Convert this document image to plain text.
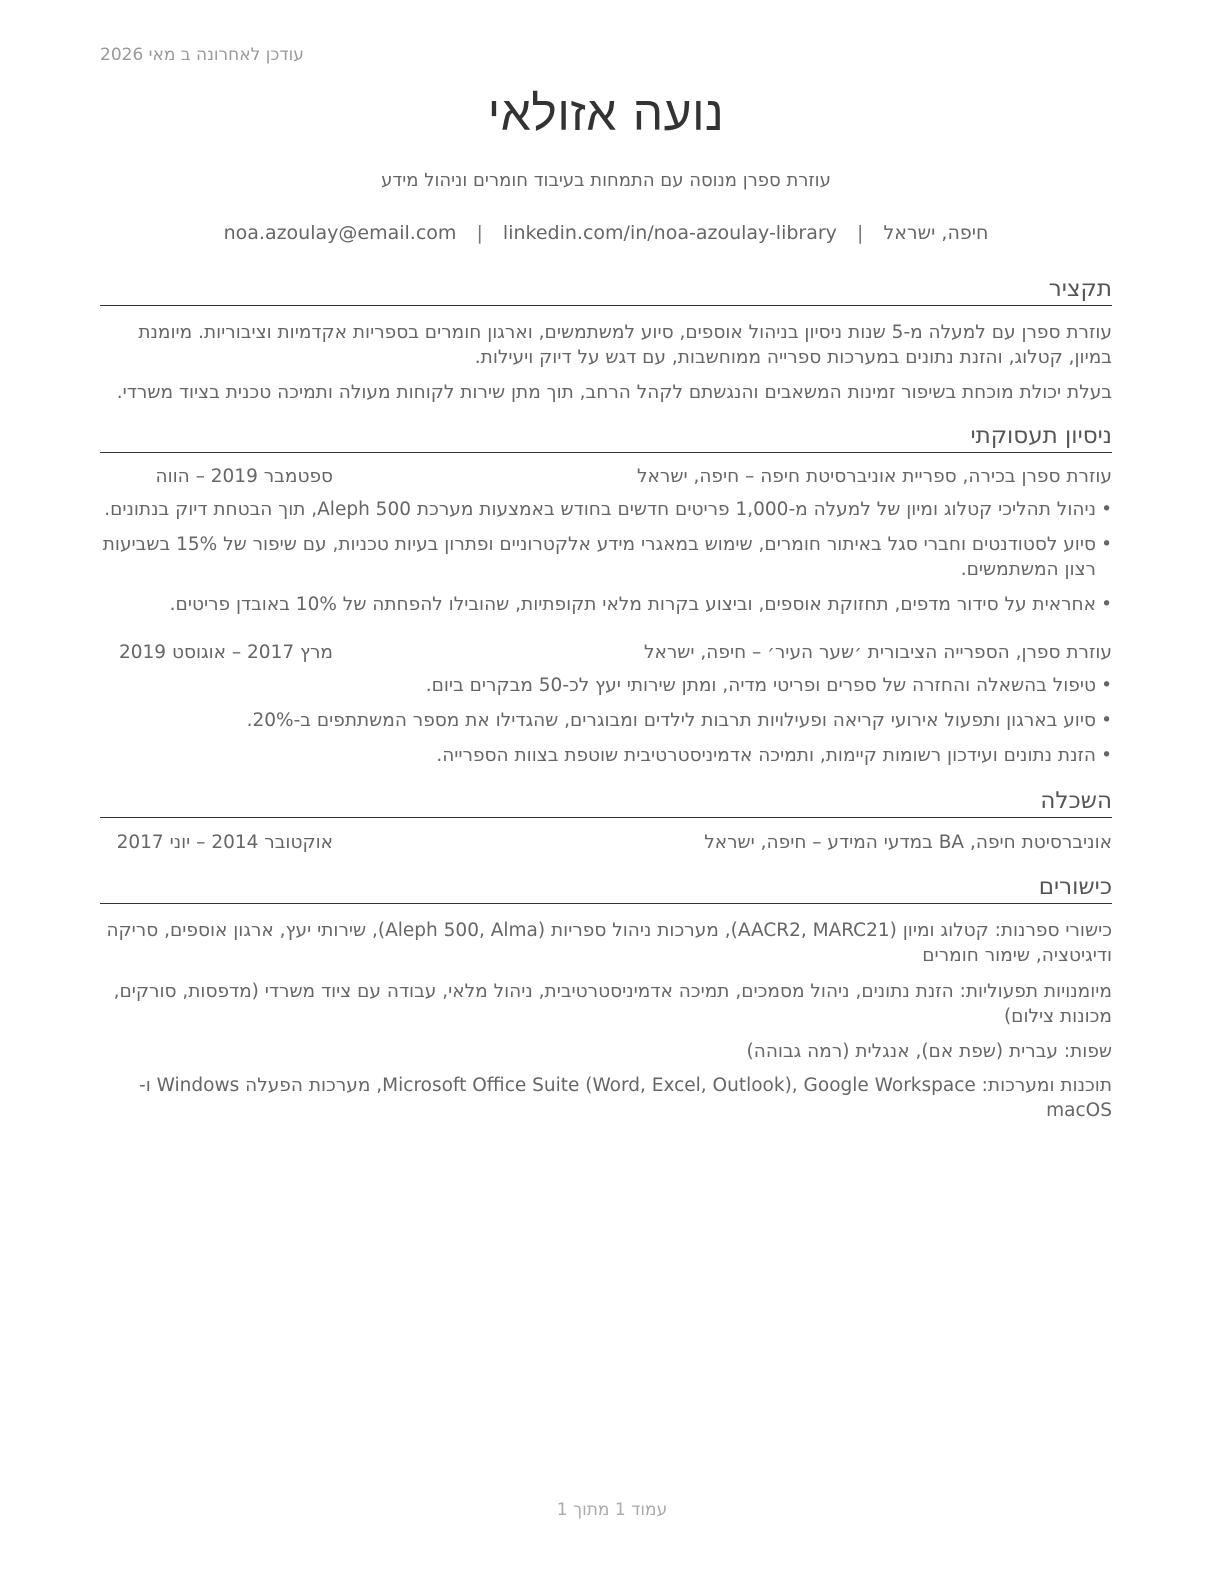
עודכן לאחרונה ב מאי 2026
נועה אזולאי
עוזרת ספרן מנוסה עם התמחות בעיבוד חומרים וניהול מידע
חיפה, ישראל | noa.azoulay@email.com | linkedin.com/in/noa-azoulay-library
תקציר
עוזרת ספרן עם למעלה מ-5 שנות ניסיון בניהול אוספים, סיוע למשתמשים, וארגון חומרים בספריות אקדמיות וציבוריות. מיומנת במיון, קטלוג, והזנת נתונים במערכות ספרייה ממוחשבות, עם דגש על דיוק ויעילות.
בעלת יכולת מוכחת בשיפור זמינות המשאבים והנגשתם לקהל הרחב, תוך מתן שירות לקוחות מעולה ותמיכה טכנית בציוד משרדי.
ניסיון תעסוקתי
עוזרת ספרן בכירה, ספריית אוניברסיטת חיפה – חיפה, ישראל
ספטמבר 2019 – הווה
•
ניהול תהליכי קטלוג ומיון של למעלה מ-1,000 פריטים חדשים בחודש באמצעות מערכת Aleph 500, תוך הבטחת דיוק בנתונים.
•
סיוע לסטודנטים וחברי סגל באיתור חומרים, שימוש במאגרי מידע אלקטרוניים ופתרון בעיות טכניות, עם שיפור של 15% בשביעות רצון המשתמשים.
•
אחראית על סידור מדפים, תחזוקת אוספים, וביצוע בקרות מלאי תקופתיות, שהובילו להפחתה של 10% באובדן פריטים.
עוזרת ספרן, הספרייה הציבורית ׳שער העיר׳ – חיפה, ישראל
מרץ 2017 – אוגוסט 2019
•
טיפול בהשאלה והחזרה של ספרים ופריטי מדיה, ומתן שירותי יעץ לכ-50 מבקרים ביום.
•
סיוע בארגון ותפעול אירועי קריאה ופעילויות תרבות לילדים ומבוגרים, שהגדילו את מספר המשתתפים ב-20%.
•
הזנת נתונים ועידכון רשומות קיימות, ותמיכה אדמיניסטרטיבית שוטפת בצוות הספרייה.
השכלה
אוניברסיטת חיפה, BA במדעי המידע – חיפה, ישראל
אוקטובר 2014 – יוני 2017
כישורים
כישורי ספרנות: קטלוג ומיון (AACR2, MARC21), מערכות ניהול ספריות (Aleph 500, Alma), שירותי יעץ, ארגון אוספים, סריקה ודיגיטציה, שימור חומרים
מיומנויות תפעוליות: הזנת נתונים, ניהול מסמכים, תמיכה אדמיניסטרטיבית, ניהול מלאי, עבודה עם ציוד משרדי (מדפסות, סורקים, מכונות צילום)
שפות: עברית (שפת אם), אנגלית (רמה גבוהה)
תוכנות ומערכות: Microsoft Office Suite (Word, Excel, Outlook), Google Workspace, מערכות הפעלה Windows ו-macOS
עמוד 1 מתוך 1
